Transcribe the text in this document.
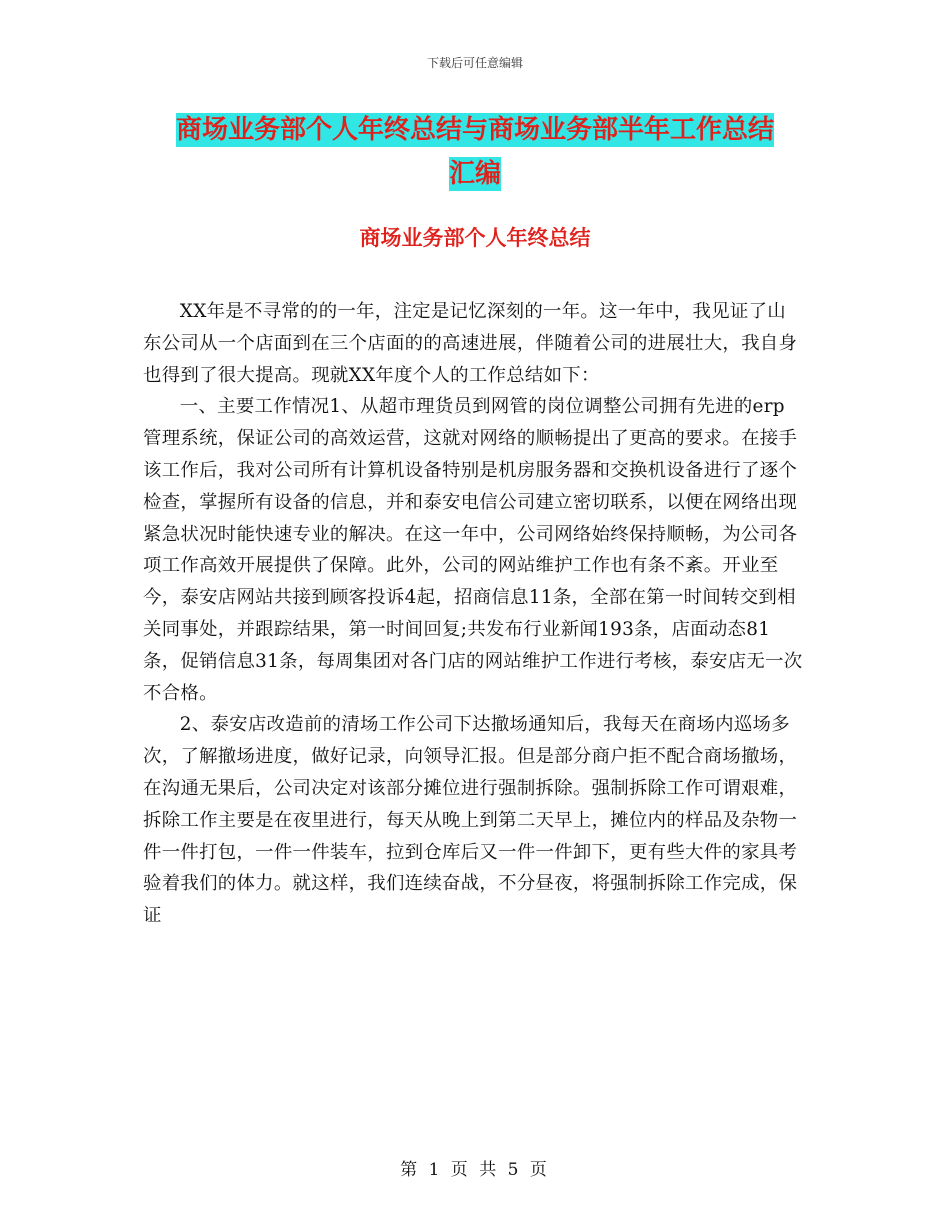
下载后可任意编辑
商场业务部个人年终总结与商场业务部半年工作总结
汇编
商场业务部个人年终总结

XX年是不寻常的的一年，注定是记忆深刻的一年。这一年中，我见证了山东公司从一个店面到在三个店面的的高速进展，伴随着公司的进展壮大，我自身也得到了很大提高。现就XX年度个人的工作总结如下：

一、主要工作情况1、从超市理货员到网管的岗位调整公司拥有先进的erp管理系统，保证公司的高效运营，这就对网络的顺畅提出了更高的要求。在接手该工作后，我对公司所有计算机设备特别是机房服务器和交换机设备进行了逐个检查，掌握所有设备的信息，并和泰安电信公司建立密切联系，以便在网络出现紧急状况时能快速专业的解决。在这一年中，公司网络始终保持顺畅，为公司各项工作高效开展提供了保障。此外，公司的网站维护工作也有条不紊。开业至今，泰安店网站共接到顾客投诉4起，招商信息11条，全部在第一时间转交到相关同事处，并跟踪结果，第一时间回复;共发布行业新闻193条，店面动态81条，促销信息31条，每周集团对各门店的网站维护工作进行考核，泰安店无一次不合格。

2、泰安店改造前的清场工作公司下达撤场通知后，我每天在商场内巡场多次，了解撤场进度，做好记录，向领导汇报。但是部分商户拒不配合商场撤场，在沟通无果后，公司决定对该部分摊位进行强制拆除。强制拆除工作可谓艰难，拆除工作主要是在夜里进行，每天从晚上到第二天早上，摊位内的样品及杂物一件一件打包，一件一件装车，拉到仓库后又一件一件卸下，更有些大件的家具考验着我们的体力。就这样，我们连续奋战，不分昼夜，将强制拆除工作完成，保证

第 1 页 共 5 页
